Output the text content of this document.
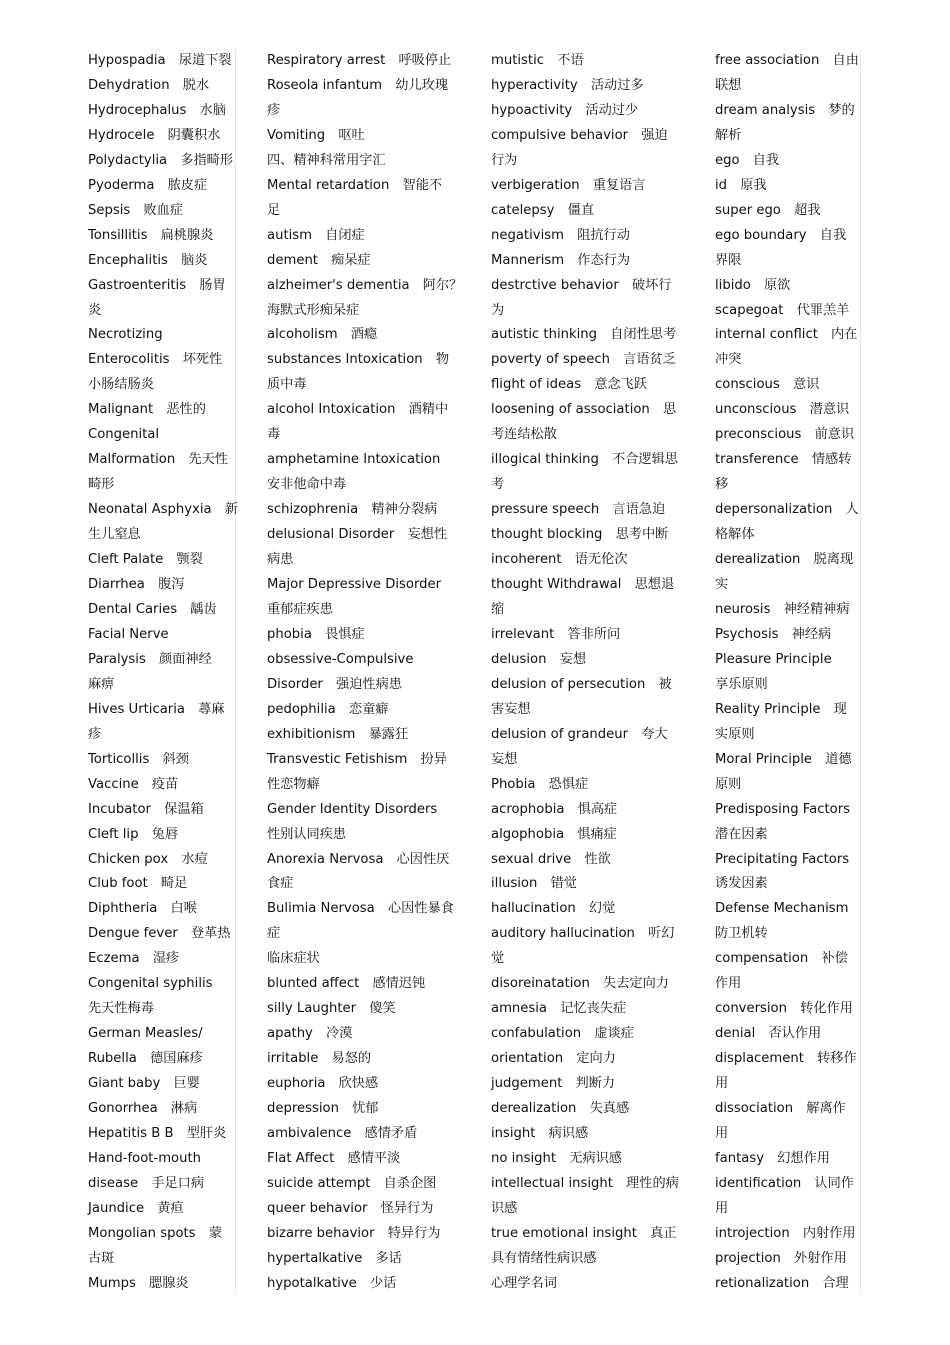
Hypospadia　尿道下裂
Dehydration　脱水
Hydrocephalus　水脑
Hydrocele　阴囊积水
Polydactylia　多指畸形
Pyoderma　脓皮症
Sepsis　败血症
Tonsillitis　扁桃腺炎
Encephalitis　脑炎
Gastroenteritis　肠胃
炎
Necrotizing
Enterocolitis　坏死性
小肠结肠炎
Malignant　恶性的
Congenital
Malformation　先天性
畸形
Neonatal Asphyxia　新
生儿窒息
Cleft Palate　颚裂
Diarrhea　腹泻
Dental Caries　龋齿
Facial Nerve
Paralysis　颜面神经
麻痹
Hives Urticaria　蕁麻
疹
Torticollis　斜颈
Vaccine　疫苗
Incubator　保温箱
Cleft lip　兔唇
Chicken pox　水痘
Club foot　畸足
Diphtheria　白喉
Dengue fever　登革热
Eczema　湿疹
Congenital syphilis
先天性梅毒
German Measles/
Rubella　德国麻疹
Giant baby　巨婴
Gonorrhea　淋病
Hepatitis B B　型肝炎
Hand-foot-mouth
disease　手足口病
Jaundice　黄疸
Mongolian spots　蒙
古斑
Mumps　腮腺炎
Respiratory arrest　呼吸停止
Roseola infantum　幼儿玫瑰
疹
Vomiting　呕吐
四、精神科常用字汇
Mental retardation　智能不
足
autism　自闭症
dement　痴呆症
alzheimer's dementia　阿尔？
海默式形痴呆症
alcoholism　酒瘾
substances Intoxication　物
质中毒
alcohol Intoxication　酒精中
毒
amphetamine Intoxication
安非他命中毒
schizophrenia　精神分裂病
delusional Disorder　妄想性
病患
Major Depressive Disorder
重郁症疾患
phobia　畏惧症
obsessive-Compulsive
Disorder　强迫性病患
pedophilia　恋童癖
exhibitionism　暴露狂
Transvestic Fetishism　扮异
性恋物癖
Gender Identity Disorders
性别认同疾患
Anorexia Nervosa　心因性厌
食症
Bulimia Nervosa　心因性暴食
症
临床症状
blunted affect　感情迟钝
silly Laughter　傻笑
apathy　冷漠
irritable　易怒的
euphoria　欣快感
depression　忧郁
ambivalence　感情矛盾
Flat Affect　感情平淡
suicide attempt　自杀企图
queer behavior　怪异行为
bizarre behavior　特异行为
hypertalkative　多话
hypotalkative　少话
mutistic　不语
hyperactivity　活动过多
hypoactivity　活动过少
compulsive behavior　强迫
行为
verbigeration　重复语言
catelepsy　僵直
negativism　阻抗行动
Mannerism　作态行为
destrctive behavior　破坏行
为
autistic thinking　自闭性思考
poverty of speech　言语贫乏
flight of ideas　意念飞跃
loosening of association　思
考连结松散
illogical thinking　不合逻辑思
考
pressure speech　言语急迫
thought blocking　思考中断
incoherent　语无伦次
thought Withdrawal　思想退
缩
irrelevant　答非所问
delusion　妄想
delusion of persecution　被
害妄想
delusion of grandeur　夸大
妄想
Phobia　恐惧症
acrophobia　惧高症
algophobia　惧痛症
sexual drive　性欲
illusion　错觉
hallucination　幻觉
auditory hallucination　听幻
觉
disoreinatation　失去定向力
amnesia　记忆丧失症
confabulation　虚谈症
orientation　定向力
judgement　判断力
derealization　失真感
insight　病识感
no insight　无病识感
intellectual insight　理性的病
识感
true emotional insight　真正
具有情绪性病识感
心理学名词
free association　自由
联想
dream analysis　梦的
解析
ego　自我
id　原我
super ego　超我
ego boundary　自我
界限
libido　原欲
scapegoat　代罪羔羊
internal conflict　内在
冲突
conscious　意识
unconscious　潜意识
preconscious　前意识
transference　情感转
移
depersonalization　人
格解体
derealization　脱离现
实
neurosis　神经精神病
Psychosis　神经病
Pleasure Principle
享乐原则
Reality Principle　现
实原则
Moral Principle　道德
原则
Predisposing Factors
潜在因素
Precipitating Factors
诱发因素
Defense Mechanism
防卫机转
compensation　补偿
作用
conversion　转化作用
denial　否认作用
displacement　转移作
用
dissociation　解离作
用
fantasy　幻想作用
identification　认同作
用
introjection　内射作用
projection　外射作用
retionalization　合理
